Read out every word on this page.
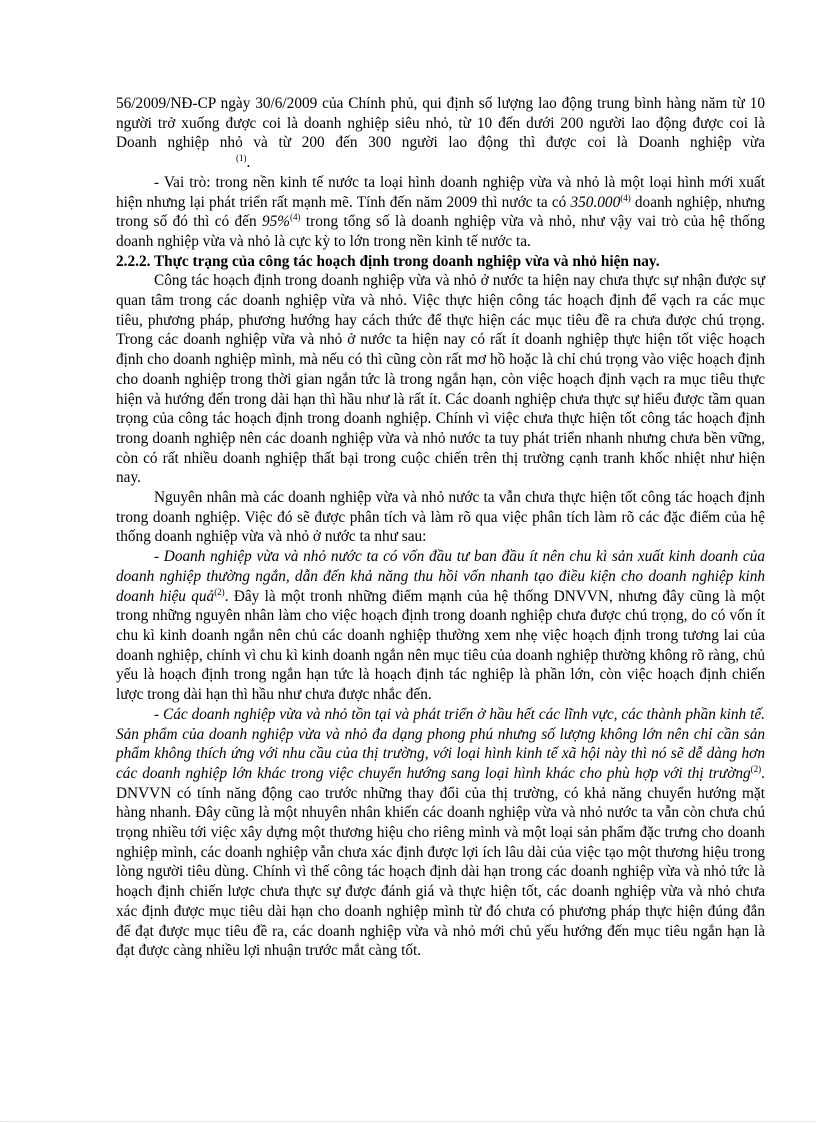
56/2009/NĐ-CP ngày 30/6/2009 của Chính phủ, qui định số lượng lao động trung bình hàng năm từ 10 người trở xuống được coi là doanh nghiệp siêu nhỏ, từ 10 đến dưới 200 người lao động được coi là Doanh nghiệp nhỏ và từ 200 đến 300 người lao động thì được coi là Doanh nghiệp vừa$^{(1)}$.

- Vai trò: trong nền kinh tế nước ta loại hình doanh nghiệp vừa và nhỏ là một loại hình mới xuất hiện nhưng lại phát triển rất mạnh mẽ. Tính đến năm 2009 thì nước ta có 350.000$^{(4)}$ doanh nghiệp, nhưng trong số đó thì có đến 95%$^{(4)}$ trong tổng số là doanh nghiệp vừa và nhỏ, như vậy vai trò của hệ thống doanh nghiệp vừa và nhỏ là cực kỳ to lớn trong nền kinh tế nước ta.

2.2.2. Thực trạng của công tác hoạch định trong doanh nghiệp vừa và nhỏ hiện nay.

Công tác hoạch định trong doanh nghiệp vừa và nhỏ ở nước ta hiện nay chưa thực sự nhận được sự quan tâm trong các doanh nghiệp vừa và nhỏ. Việc thực hiện công tác hoạch định để vạch ra các mục tiêu, phương pháp, phương hướng hay cách thức để thực hiện các mục tiêu đề ra chưa được chú trọng. Trong các doanh nghiệp vừa và nhỏ ở nước ta hiện nay có rất ít doanh nghiệp thực hiện tốt việc hoạch định cho doanh nghiệp mình, mà nếu có thì cũng còn rất mơ hồ hoặc là chỉ chú trọng vào việc hoạch định cho doanh nghiệp trong thời gian ngắn tức là trong ngắn hạn, còn việc hoạch định vạch ra mục tiêu thực hiện và hướng đến trong dài hạn thì hầu như là rất ít. Các doanh nghiệp chưa thực sự hiểu được tầm quan trọng của công tác hoạch định trong doanh nghiệp. Chính vì việc chưa thực hiện tốt công tác hoạch định trong doanh nghiệp nên các doanh nghiệp vừa và nhỏ nước ta tuy phát triển nhanh nhưng chưa bền vững, còn có rất nhiều doanh nghiệp thất bại trong cuộc chiến trên thị trường cạnh tranh khốc nhiệt như hiện nay.

Nguyên nhân mà các doanh nghiệp vừa và nhỏ nước ta vẫn chưa thực hiện tốt công tác hoạch định trong doanh nghiệp. Việc đó sẽ được phân tích và làm rõ qua việc phân tích làm rõ các đặc điểm của hệ thống doanh nghiệp vừa và nhỏ ở nước ta như sau:

- Doanh nghiệp vừa và nhỏ nước ta có vốn đầu tư ban đầu ít nên chu kì sản xuất kinh doanh của doanh nghiệp thường ngắn, dẫn đến khả năng thu hồi vốn nhanh tạo điều kiện cho doanh nghiệp kinh doanh hiệu quả$^{(2)}$. Đây là một tronh những điểm mạnh của hệ thống DNVVN, nhưng đây cũng là một trong những nguyên nhân làm cho việc hoạch định trong doanh nghiệp chưa được chú trọng, do có vốn ít chu kì kinh doanh ngắn nên chủ các doanh nghiệp thường xem nhẹ việc hoạch định trong tương lai của doanh nghiệp, chính vì chu kì kinh doanh ngắn nên mục tiêu của doanh nghiệp thường không rõ ràng, chủ yếu là hoạch định trong ngắn hạn tức là hoạch định tác nghiệp là phần lớn, còn việc hoạch định chiến lược trong dài hạn thì hầu như chưa được nhắc đến.

- Các doanh nghiệp vừa và nhỏ tồn tại và phát triển ở hầu hết các lĩnh vực, các thành phần kinh tế. Sản phẩm của doanh nghiệp vừa và nhỏ đa dạng phong phú nhưng số lượng không lớn nên chỉ cần sản phẩm không thích ứng với nhu cầu của thị trường, với loại hình kinh tế xã hội này thì nó sẽ dễ dàng hơn các doanh nghiệp lớn khác trong việc chuyển hướng sang loại hình khác cho phù hợp với thị trường$^{(2)}$. DNVVN có tính năng động cao trước những thay đổi của thị trường, có khả năng chuyển hướng mặt hàng nhanh. Đây cũng là một nhuyên nhân khiến các doanh nghiệp vừa và nhỏ nước ta vẫn còn chưa chú trọng nhiều tới việc xây dựng một thương hiệu cho riêng mình và một loại sản phẩm đặc trưng cho doanh nghiệp mình, các doanh nghiệp vẫn chưa xác định được lợi ích lâu dài của việc tạo một thương hiệu trong lòng người tiêu dùng. Chính vì thế công tác hoạch định dài hạn trong các doanh nghiệp vừa và nhỏ tức là hoạch định chiến lược chưa thực sự được đánh giá và thực hiện tốt, các doanh nghiệp vừa và nhỏ chưa xác định được mục tiêu dài hạn cho doanh nghiệp mình từ đó chưa có phương pháp thực hiện đúng đắn để đạt được mục tiêu đề ra, các doanh nghiệp vừa và nhỏ mới chủ yếu hướng đến mục tiêu ngắn hạn là đạt được càng nhiều lợi nhuận trước mắt càng tốt.
